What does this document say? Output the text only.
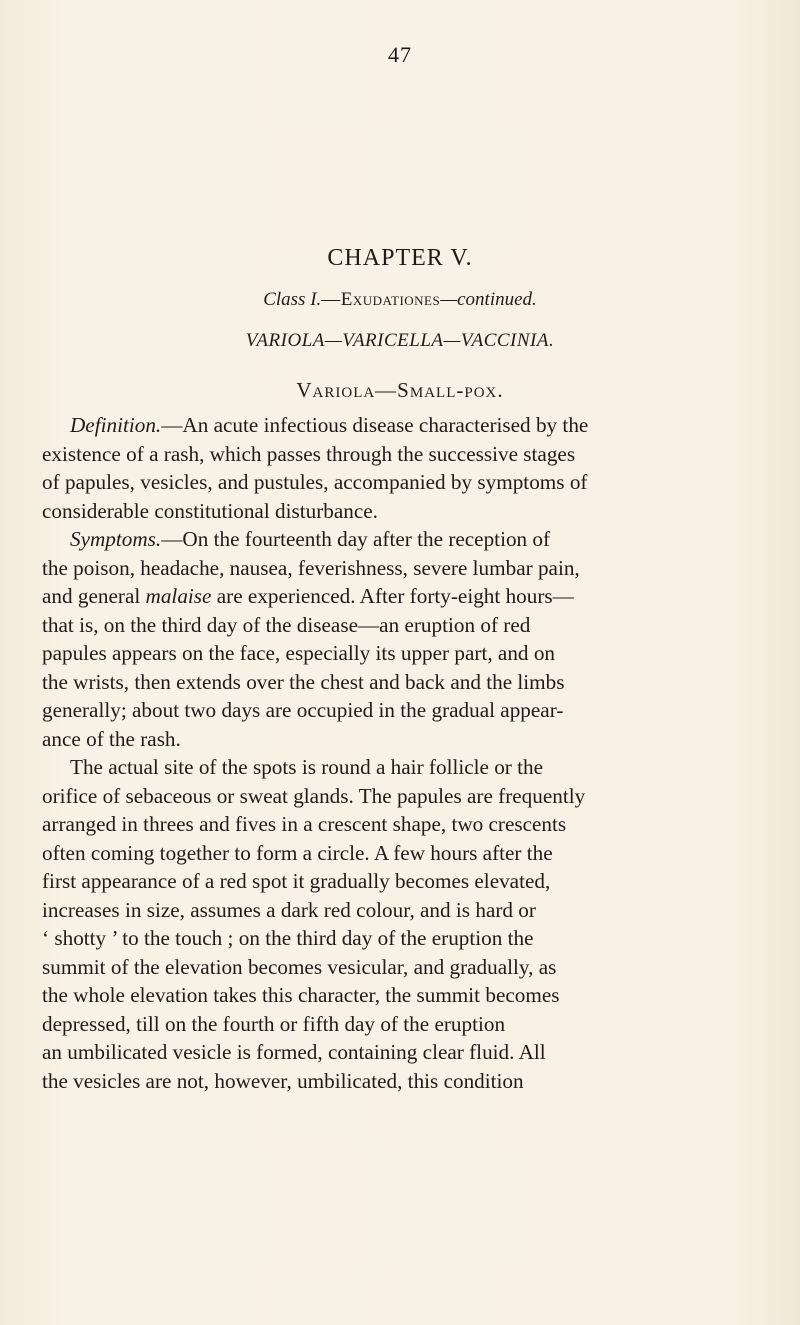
47
CHAPTER V.
Class I.—Exudationes—continued.
VARIOLA—VARICELLA—VACCINIA.
Variola—Small-pox.
Definition.—An acute infectious disease characterised by the
existence of a rash, which passes through the successive stages
of papules, vesicles, and pustules, accompanied by symptoms of
considerable constitutional disturbance.
Symptoms.—On the fourteenth day after the reception of
the poison, headache, nausea, feverishness, severe lumbar pain,
and general malaise are experienced. After forty-eight hours—
that is, on the third day of the disease—an eruption of red
papules appears on the face, especially its upper part, and on
the wrists, then extends over the chest and back and the limbs
generally; about two days are occupied in the gradual appear-
ance of the rash.
The actual site of the spots is round a hair follicle or the
orifice of sebaceous or sweat glands. The papules are frequently
arranged in threes and fives in a crescent shape, two crescents
often coming together to form a circle. A few hours after the
first appearance of a red spot it gradually becomes elevated,
increases in size, assumes a dark red colour, and is hard or
‘ shotty ’ to the touch ; on the third day of the eruption the
summit of the elevation becomes vesicular, and gradually, as
the whole elevation takes this character, the summit becomes
depressed, till on the fourth or fifth day of the eruption
an umbilicated vesicle is formed, containing clear fluid. All
the vesicles are not, however, umbilicated, this condition
